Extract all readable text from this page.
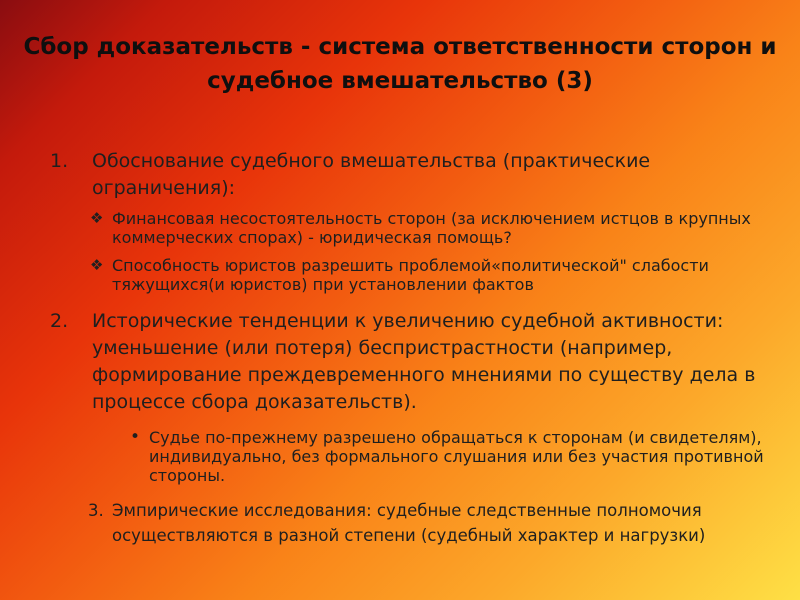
Сбор доказательств - система ответственности сторон и
судебное вмешательство (3)
1.	Обоснование судебного вмешательства (практические ограничения):
❖ Финансовая несостоятельность сторон (за исключением истцов в крупных коммерческих спорах) - юридическая помощь?
❖ Способность юристов разрешить проблемой«политической" слабости тяжущихся(и юристов) при установлении фактов
2.	Исторические тенденции к увеличению судебной активности: уменьшение (или потеря) беспристрастности (например, формирование преждевременного мнениями по существу дела в процессе сбора доказательств).
• Судье по-прежнему разрешено обращаться к сторонам (и свидетелям), индивидуально, без формального слушания или без участия противной стороны.
3. Эмпирические исследования: судебные следственные полномочия осуществляются в разной степени (судебный характер и нагрузки)
